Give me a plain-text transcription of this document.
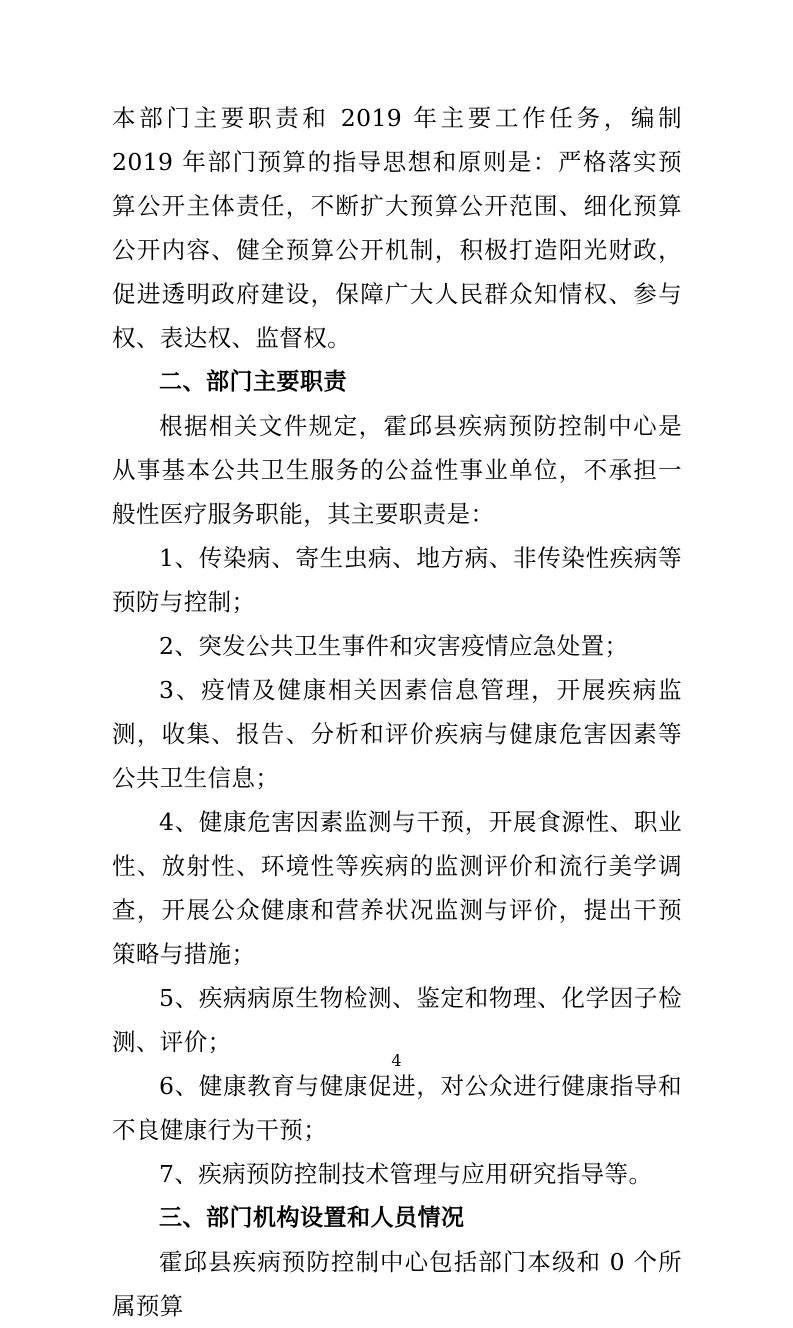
本部门主要职责和 2019 年主要工作任务，编制 2019 年部门预算的指导思想和原则是：严格落实预算公开主体责任，不断扩大预算公开范围、细化预算公开内容、健全预算公开机制，积极打造阳光财政，促进透明政府建设，保障广大人民群众知情权、参与权、表达权、监督权。

二、部门主要职责

根据相关文件规定，霍邱县疾病预防控制中心是从事基本公共卫生服务的公益性事业单位，不承担一般性医疗服务职能，其主要职责是：

1、传染病、寄生虫病、地方病、非传染性疾病等预防与控制；

2、突发公共卫生事件和灾害疫情应急处置；

3、疫情及健康相关因素信息管理，开展疾病监测，收集、报告、分析和评价疾病与健康危害因素等公共卫生信息；

4、健康危害因素监测与干预，开展食源性、职业性、放射性、环境性等疾病的监测评价和流行美学调查，开展公众健康和营养状况监测与评价，提出干预策略与措施；

5、疾病病原生物检测、鉴定和物理、化学因子检测、评价；

6、健康教育与健康促进，对公众进行健康指导和不良健康行为干预；

7、疾病预防控制技术管理与应用研究指导等。

三、部门机构设置和人员情况

霍邱县疾病预防控制中心包括部门本级和 0 个所属预算

4
